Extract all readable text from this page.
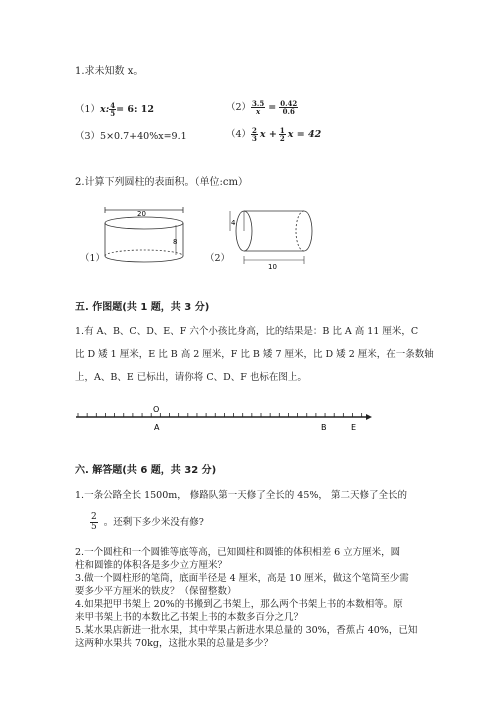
1.求未知数 x。
（1）x: $\frac{4}{5} = 6$: 12	$(2) \frac{3.5}{x} = \frac{0.42}{0.6}$
（3）5×0.7+40%x=9.1	$(4) \frac{2}{3}$ $x + \frac{1}{2}$ x = 42
2.计算下列圆柱的表面积。（单位:cm）
（1）
20
8
（2）
4
10
五. 作图题(共 1 题，共 3 分)
1.有 A、B、C、D、E、F 六个小孩比身高，比的结果是：B 比 A 高 11 厘米，C
比 D 矮 1 厘米，E 比 B 高 2 厘米，F 比 B 矮 7 厘米，比 D 矮 2 厘米，在一条数轴
上，A、B、E 已标出，请你将 C、D、F 也标在图上。
O
A	B	E
六. 解答题(共 6 题，共 32 分)
1.一条公路全长 1500m， 修路队第一天修了全长的 45%， 第二天修了全长的
$\frac{2}{5}$ 。还剩下多少米没有修?
2.一个圆柱和一个圆锥等底等高，已知圆柱和圆锥的体积相差 6 立方厘米，圆
柱和圆锥的体积各是多少立方厘米？
3.做一个圆柱形的笔筒，底面半径是 4 厘米，高是 10 厘米，做这个笔筒至少需
要多少平方厘米的铁皮？（保留整数）
4.如果把甲书架上 20%的书搬到乙书架上，那么两个书架上书的本数相等。原
来甲书架上书的本数比乙书架上书的本数多百分之几？
5.某水果店新进一批水果，其中苹果占新进水果总量的 30%，香蕉占 40%，已知
这两种水果共 70kg，这批水果的总量是多少？
